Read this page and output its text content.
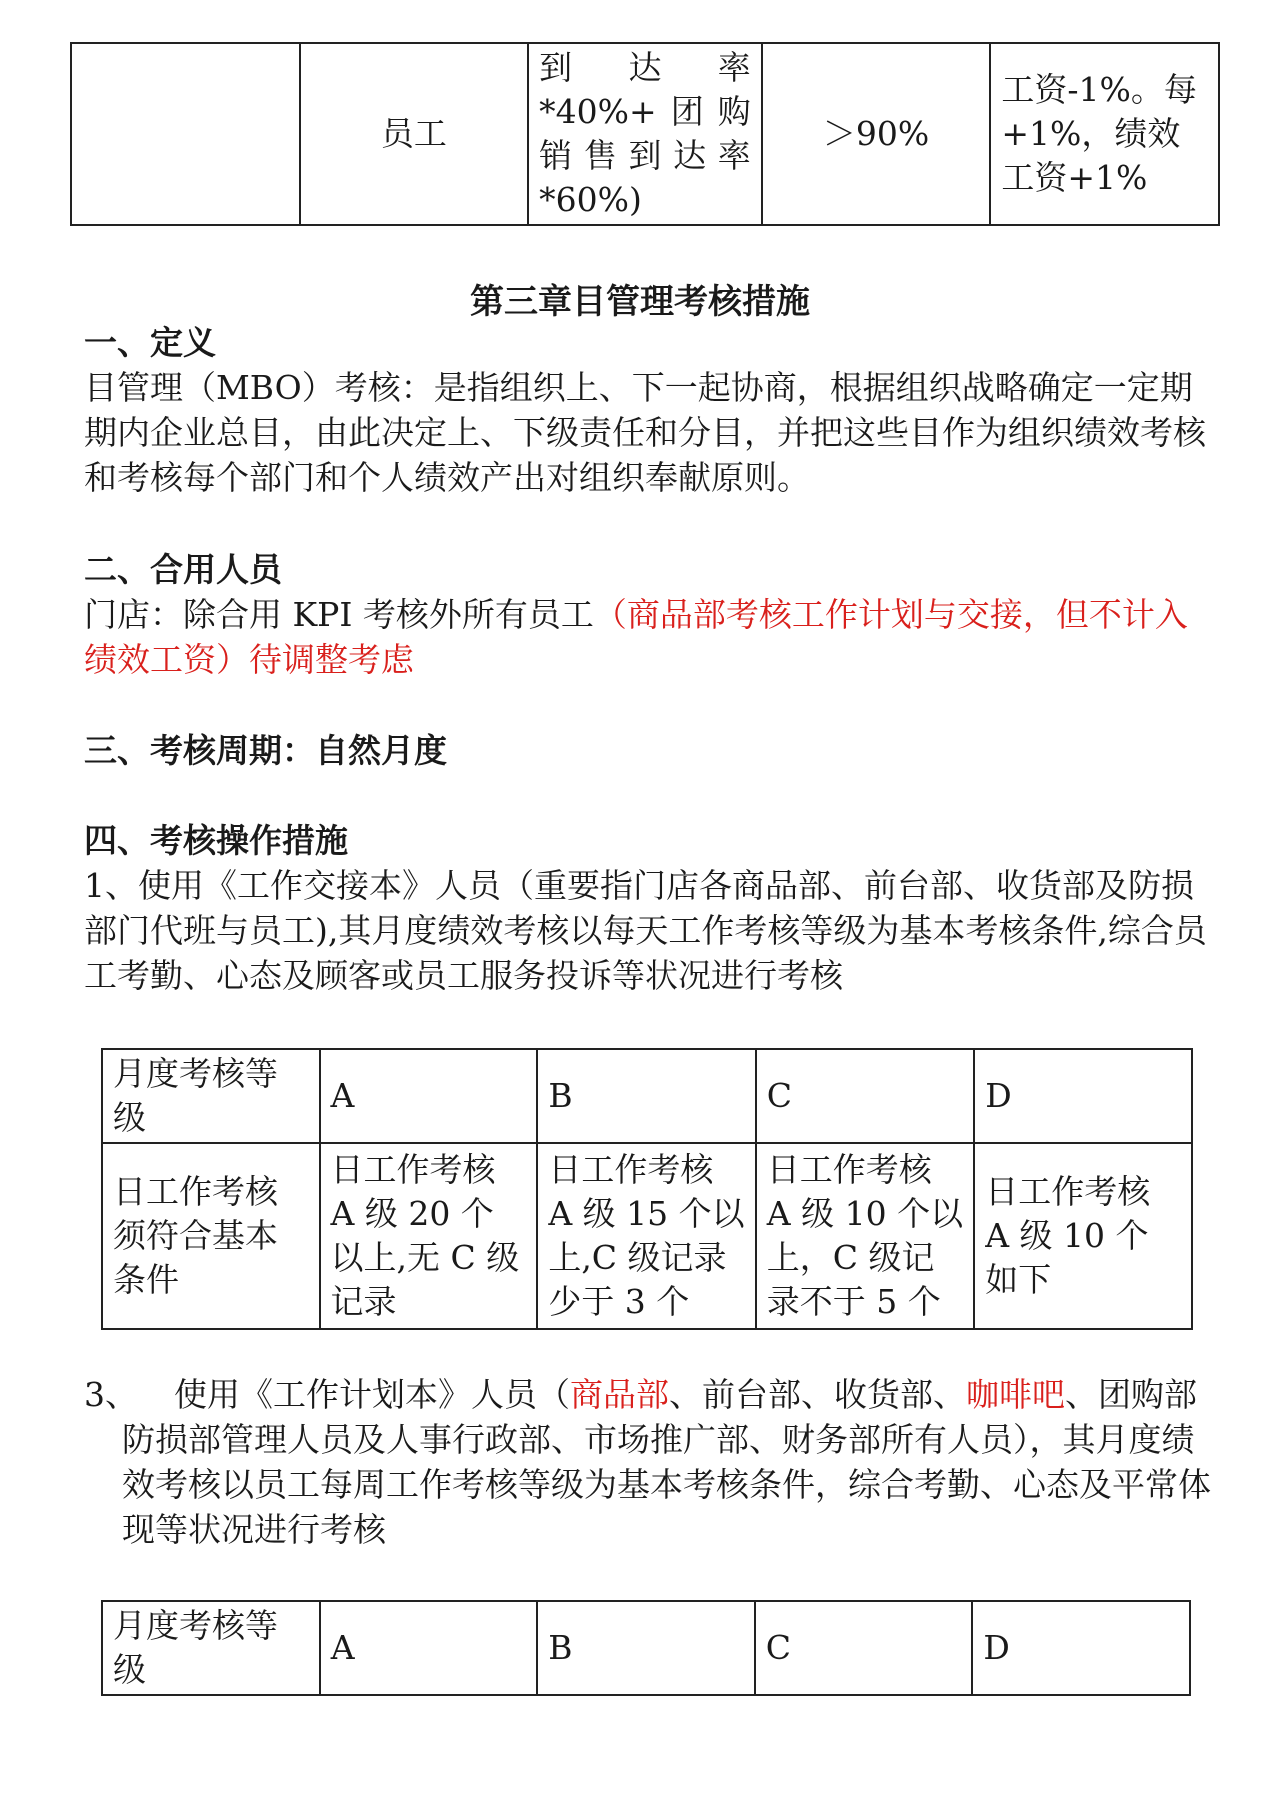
	员工	到达率*40%+团购销售到达率*60%)	＞90%	工资-1%。每+1%，绩效工资+1%
第三章目管理考核措施
一、定义
目管理（MBO）考核：是指组织上、下一起协商，根据组织战略确定一定期期内企业总目，由此决定上、下级责任和分目，并把这些目作为组织绩效考核和考核每个部门和个人绩效产出对组织奉献原则。
二、合用人员
门店：除合用 KPI 考核外所有员工（商品部考核工作计划与交接，但不计入绩效工资）待调整考虑
三、考核周期：自然月度
四、考核操作措施
1、使用《工作交接本》人员（重要指门店各商品部、前台部、收货部及防损部门代班与员工),其月度绩效考核以每天工作考核等级为基本考核条件,综合员工考勤、心态及顾客或员工服务投诉等状况进行考核
月度考核等级	A	B	C	D
日工作考核须符合基本条件	日工作考核 A 级 20 个以上,无 C 级记录	日工作考核 A 级 15 个以上,C 级记录少于 3 个	日工作考核 A 级 10 个以上，C 级记录不于 5 个	日工作考核 A 级 10 个如下
3、	使用《工作计划本》人员（商品部、前台部、收货部、咖啡吧、团购部防损部管理人员及人事行政部、市场推广部、财务部所有人员），其月度绩效考核以员工每周工作考核等级为基本考核条件，综合考勤、心态及平常体现等状况进行考核
月度考核等级	A	B	C	D
